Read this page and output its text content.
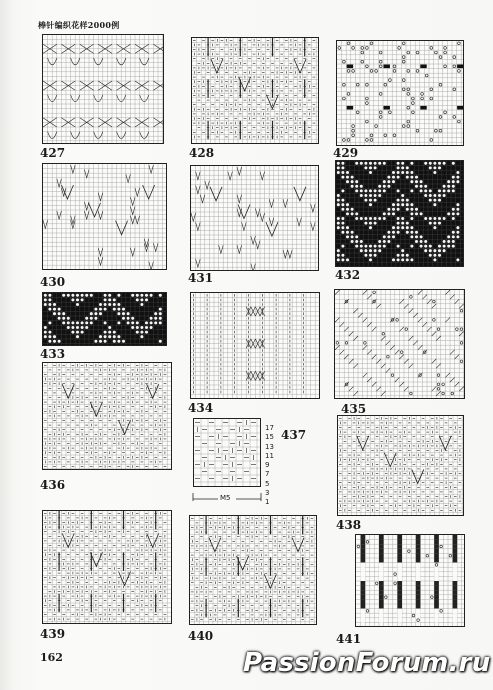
棒针编织花样2000例
427	428	429
430	431	432
433
434	435
436
17
15
13
11
9
7
5
3
1
437
M5
438
439	440	441
162	PassionForum.ru
